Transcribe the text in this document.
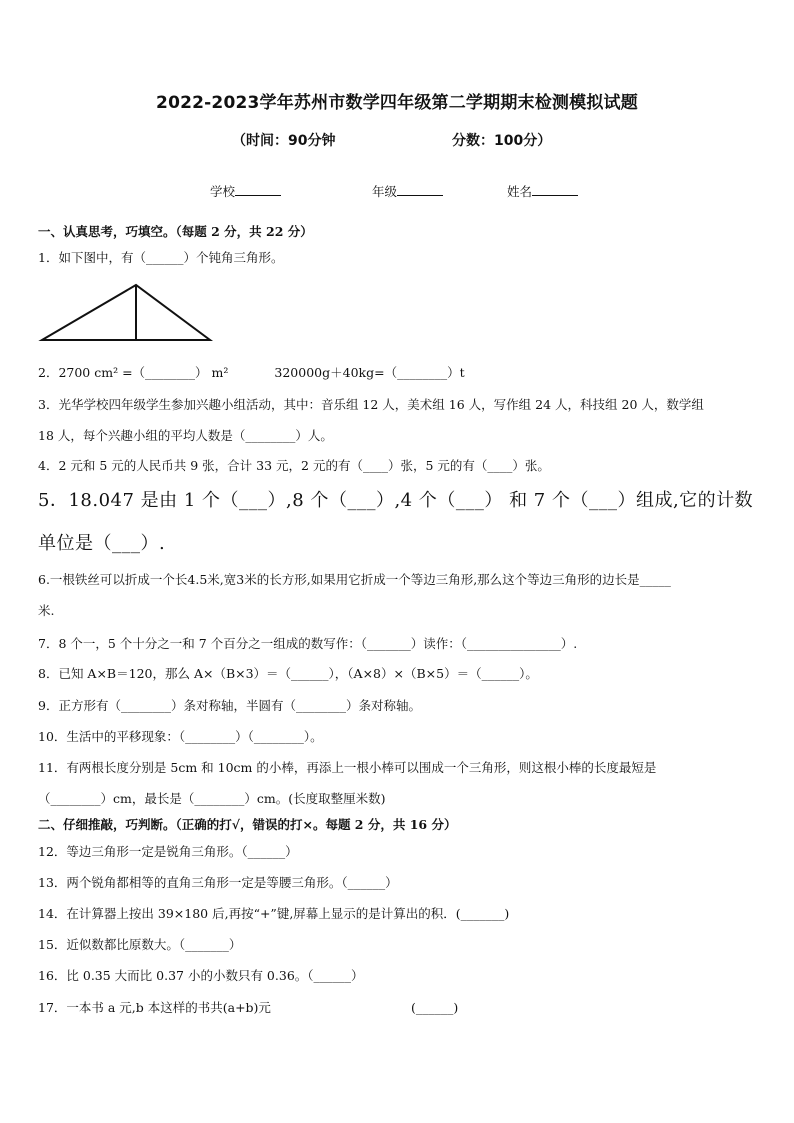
2022-2023学年苏州市数学四年级第二学期期末检测模拟试题
（时间：90分钟	分数：100分）
学校	年级	姓名
一、认真思考，巧填空。（每题 2 分，共 22 分）
1．如下图中，有（______）个钝角三角形。
2．2700 cm² =（________） m²	320000g＋40kg=（________）t
3．光华学校四年级学生参加兴趣小组活动，其中：音乐组 12 人，美术组 16 人，写作组 24 人，科技组 20 人，数学组
18 人，每个兴趣小组的平均人数是（________）人。
4．2 元和 5 元的人民币共 9 张，合计 33 元，2 元的有（____）张，5 元的有（____）张。
5．18.047 是由 1 个（___）,8 个（___）,4 个（___） 和 7 个（___）组成,它的计数
单位是（___）.
6.一根铁丝可以折成一个长4.5米,宽3米的长方形,如果用它折成一个等边三角形,那么这个等边三角形的边长是_____
米.
7．8 个一，5 个十分之一和 7 个百分之一组成的数写作：（_______）读作：（_______________）.
8．已知 A×B＝120，那么 A×（B×3）＝（______），（A×8）×（B×5）＝（______）。
9．正方形有（________）条对称轴，半圆有（________）条对称轴。
10．生活中的平移现象：（________）（________）。
11．有两根长度分别是 5cm 和 10cm 的小棒，再添上一根小棒可以围成一个三角形，则这根小棒的长度最短是
（________）cm，最长是（________）cm。(长度取整厘米数)
二、仔细推敲，巧判断。（正确的打√，错误的打×。每题 2 分，共 16 分）
12．等边三角形一定是锐角三角形。（______）
13．两个锐角都相等的直角三角形一定是等腰三角形。（______）
14．在计算器上按出 39×180 后,再按“+”键,屏幕上显示的是计算出的积．(_______)
15．近似数都比原数大。（_______）
16．比 0.35 大而比 0.37 小的小数只有 0.36。（______）
17．一本书 a 元,b 本这样的书共(a+b)元	(______)
